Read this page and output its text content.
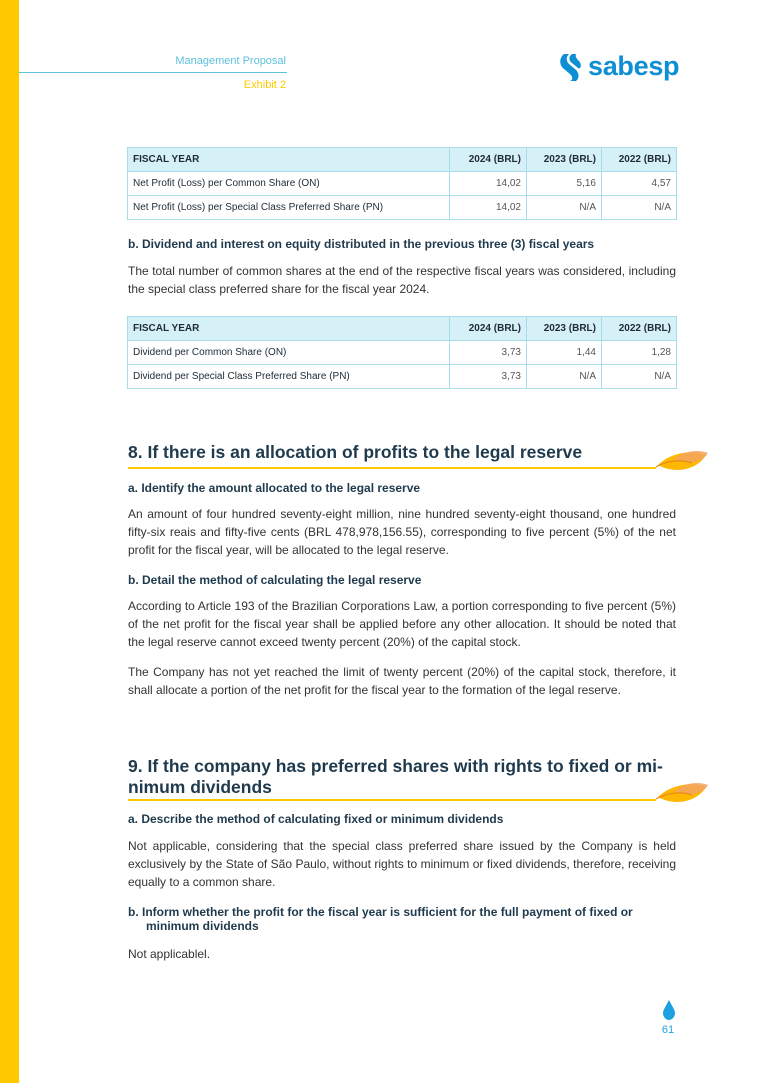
Management Proposal
Exhibit 2
sabesp
FISCAL YEAR	2024 (BRL)	2023 (BRL)	2022 (BRL)
Net Profit (Loss) per Common Share (ON)	14,02	5,16	4,57
Net Profit (Loss) per Special Class Preferred Share (PN)	14,02	N/A	N/A
b. Dividend and interest on equity distributed in the previous three (3) fiscal years
The total number of common shares at the end of the respective fiscal years was considered, including the special class preferred share for the fiscal year 2024.
FISCAL YEAR	2024 (BRL)	2023 (BRL)	2022 (BRL)
Dividend per Common Share (ON)	3,73	1,44	1,28
Dividend per Special Class Preferred Share (PN)	3,73	N/A	N/A
8. If there is an allocation of profits to the legal reserve
a. Identify the amount allocated to the legal reserve
An amount of four hundred seventy-eight million, nine hundred seventy-eight thousand, one hundred fifty-six reais and fifty-five cents (BRL 478,978,156.55), corresponding to five percent (5%) of the net profit for the fiscal year, will be allocated to the legal reserve.
b. Detail the method of calculating the legal reserve
According to Article 193 of the Brazilian Corporations Law, a portion corresponding to five percent (5%) of the net profit for the fiscal year shall be applied before any other allocation. It should be noted that the legal reserve cannot exceed twenty percent (20%) of the capital stock.
The Company has not yet reached the limit of twenty percent (20%) of the capital stock, therefore, it shall allocate a portion of the net profit for the fiscal year to the formation of the legal reserve.
9. If the company has preferred shares with rights to fixed or mi-
nimum dividends
a. Describe the method of calculating fixed or minimum dividends
Not applicable, considering that the special class preferred share issued by the Company is held exclusively by the State of São Paulo, without rights to minimum or fixed dividends, therefore, receiving equally to a common share.
b. Inform whether the profit for the fiscal year is sufficient for the full payment of fixed or
minimum dividends
Not applicablel.
61
